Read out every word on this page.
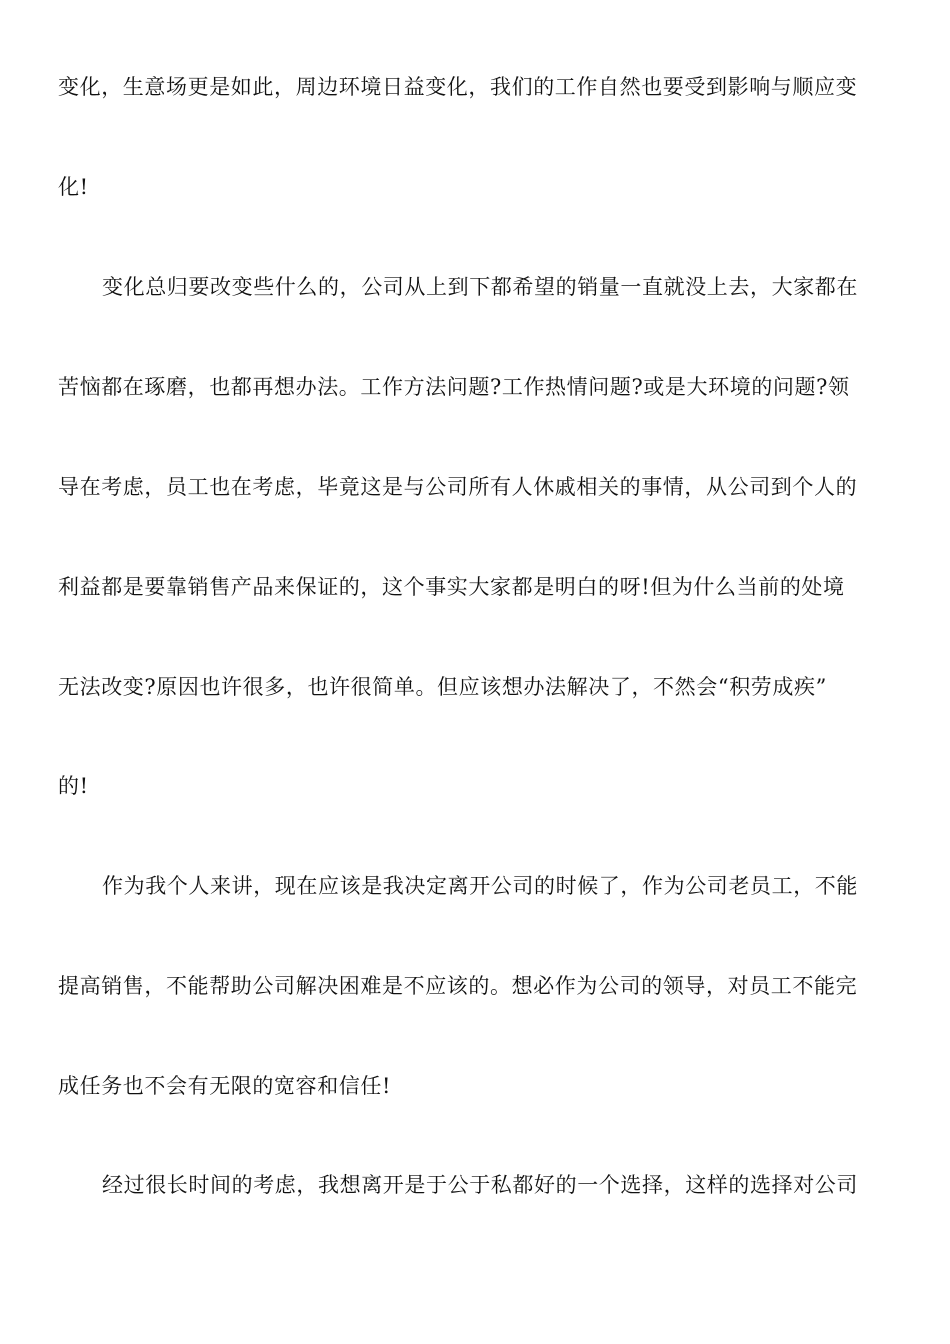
变化，生意场更是如此，周边环境日益变化，我们的工作自然也要受到影响与顺应变
化!
变化总归要改变些什么的，公司从上到下都希望的销量一直就没上去，大家都在
苦恼都在琢磨，也都再想办法。工作方法问题?工作热情问题?或是大环境的问题?领
导在考虑，员工也在考虑，毕竟这是与公司所有人休戚相关的事情，从公司到个人的
利益都是要靠销售产品来保证的，这个事实大家都是明白的呀!但为什么当前的处境
无法改变?原因也许很多，也许很简单。但应该想办法解决了，不然会“积劳成疾”
的!
作为我个人来讲，现在应该是我决定离开公司的时候了，作为公司老员工，不能
提高销售，不能帮助公司解决困难是不应该的。想必作为公司的领导，对员工不能完
成任务也不会有无限的宽容和信任!
经过很长时间的考虑，我想离开是于公于私都好的一个选择，这样的选择对公司
